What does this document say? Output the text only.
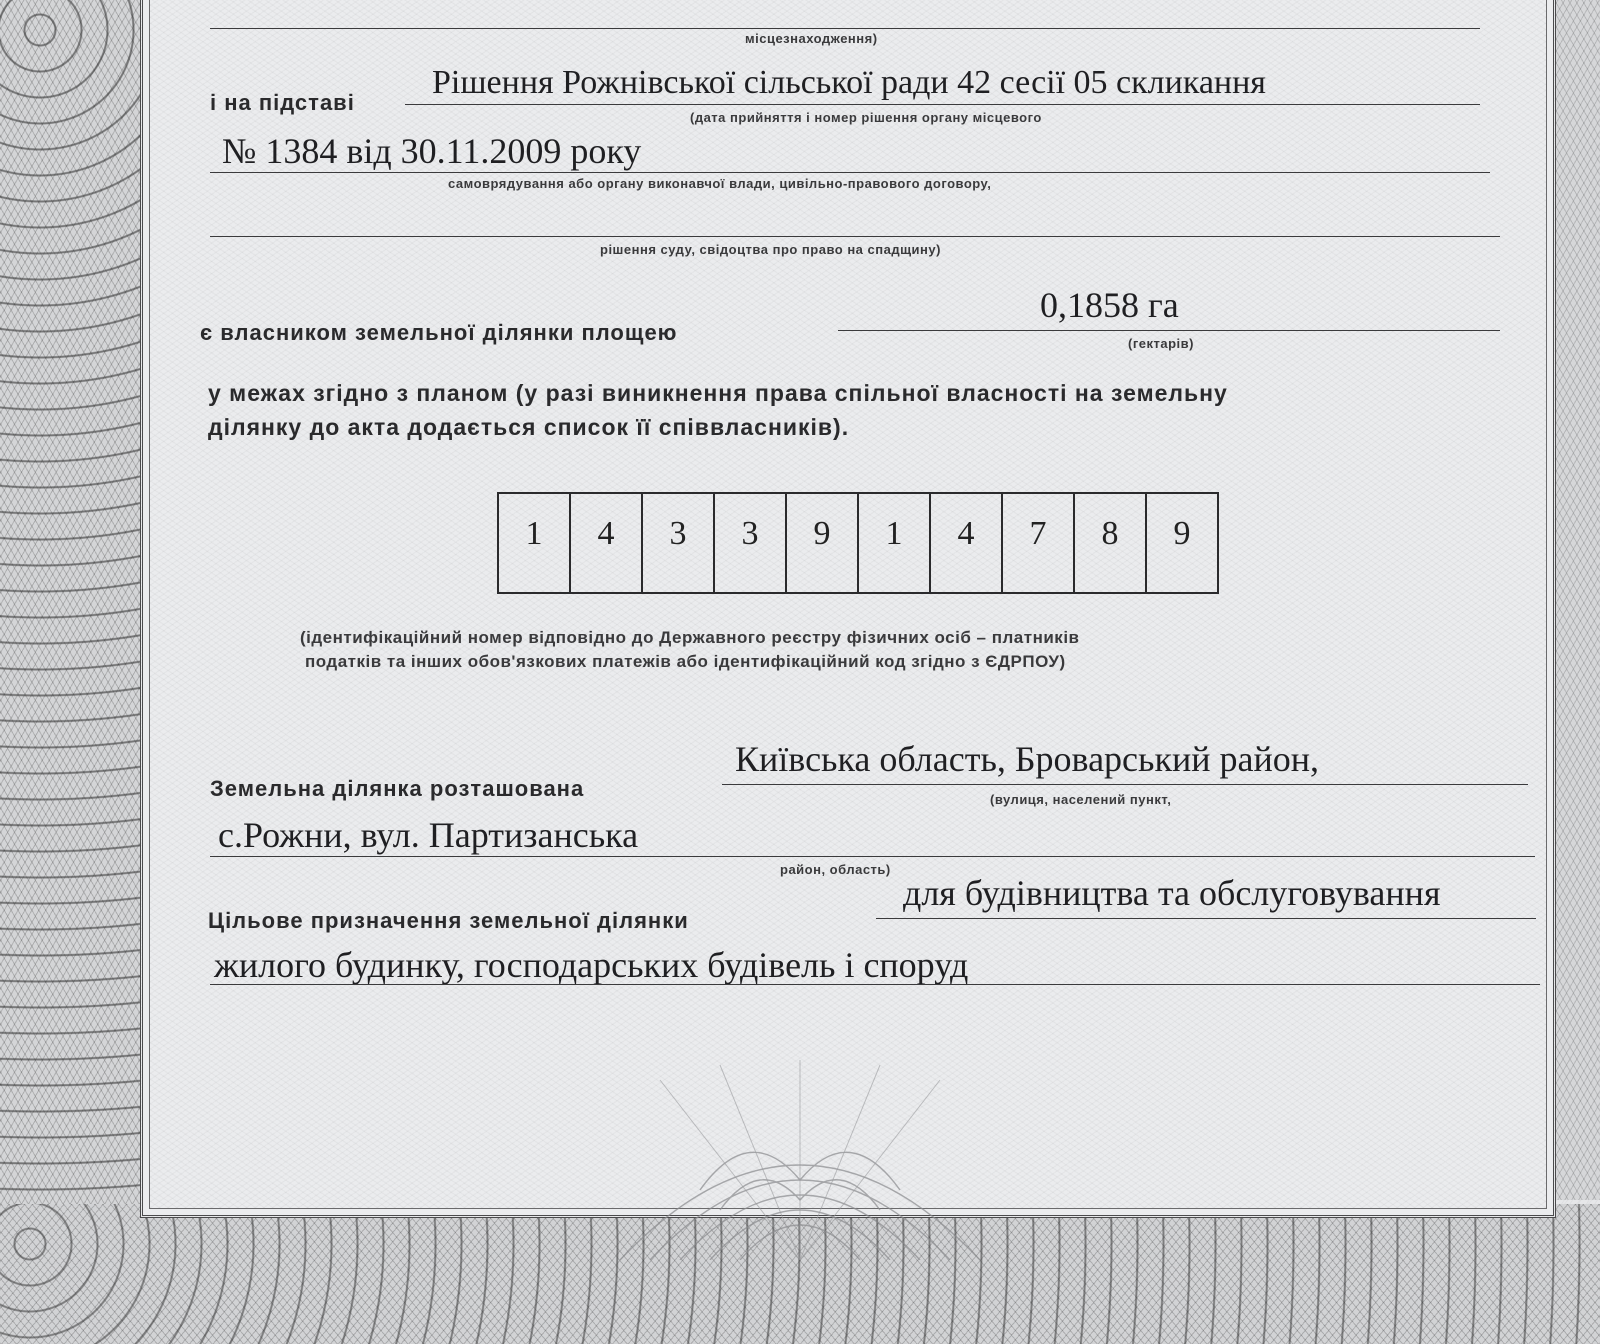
місцезнаходження)
і на підставі
Рішення Рожнівської сільської ради 42 сесії 05 скликання
(дата прийняття і номер рішення органу місцевого
№ 1384 від 30.11.2009 року
самоврядування або органу виконавчої влади, цивільно-правового договору,
рішення суду, свідоцтва про право на спадщину)
є власником земельної ділянки площею
0,1858 га
(гектарів)
у межах згідно з планом (у разі виникнення права спільної власності на земельну
ділянку до акта додається список її співвласників).
1	4	3	3	9	1	4	7	8	9
(ідентифікаційний номер відповідно до Державного реєстру фізичних осіб – платників
податків та інших обов'язкових платежів або ідентифікаційний код згідно з ЄДРПОУ)
Земельна ділянка розташована
Київська область, Броварський район,
(вулиця, населений пункт,
с.Рожни, вул. Партизанська
район, область)
Цільове призначення земельної ділянки
для будівництва та обслуговування
жилого будинку, господарських будівель і споруд
